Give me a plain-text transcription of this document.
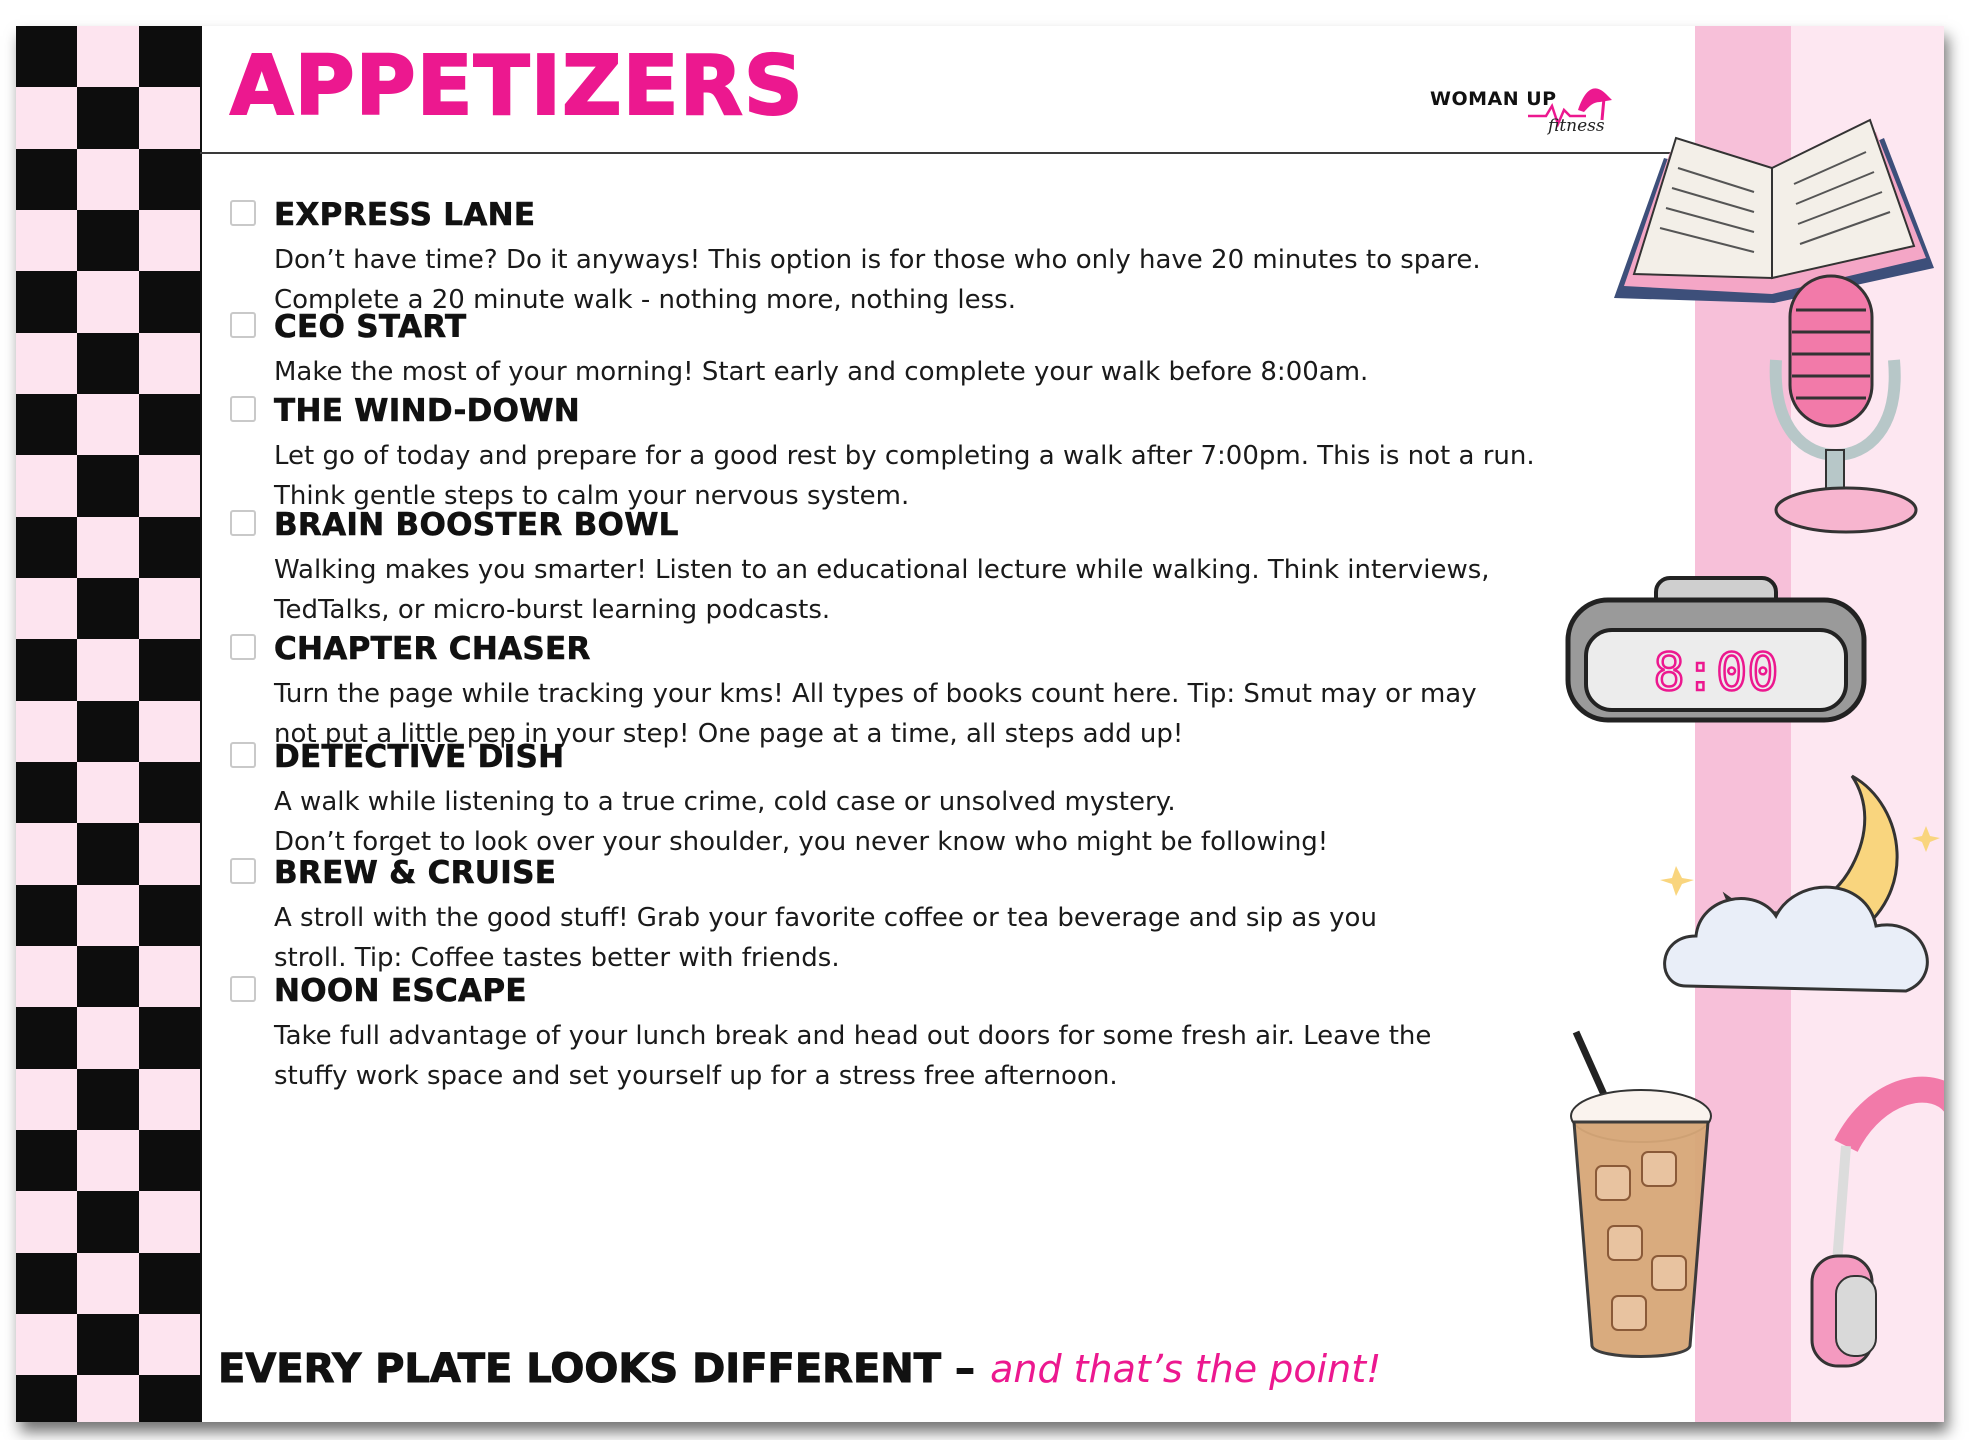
APPETIZERS	WOMAN UP
fitness
EXPRESS LANE
Don’t have time? Do it anyways! This option is for those who only have 20 minutes to spare.
Complete a 20 minute walk - nothing more, nothing less.
CEO START
Make the most of your morning! Start early and complete your walk before 8:00am.
THE WIND-DOWN
Let go of today and prepare for a good rest by completing a walk after 7:00pm. This is not a run.
Think gentle steps to calm your nervous system.
BRAIN BOOSTER BOWL
Walking makes you smarter! Listen to an educational lecture while walking. Think interviews,
TedTalks, or micro-burst learning podcasts.
CHAPTER CHASER
Turn the page while tracking your kms! All types of books count here. Tip: Smut may or may
not put a little pep in your step! One page at a time, all steps add up!
DETECTIVE DISH
A walk while listening to a true crime, cold case or unsolved mystery.
Don’t forget to look over your shoulder, you never know who might be following!
BREW & CRUISE
A stroll with the good stuff! Grab your favorite coffee or tea beverage and sip as you
stroll. Tip: Coffee tastes better with friends.
NOON ESCAPE
Take full advantage of your lunch break and head out doors for some fresh air. Leave the
stuffy work space and set yourself up for a stress free afternoon.
8:00
EVERY PLATE LOOKS DIFFERENT – and that’s the point!
